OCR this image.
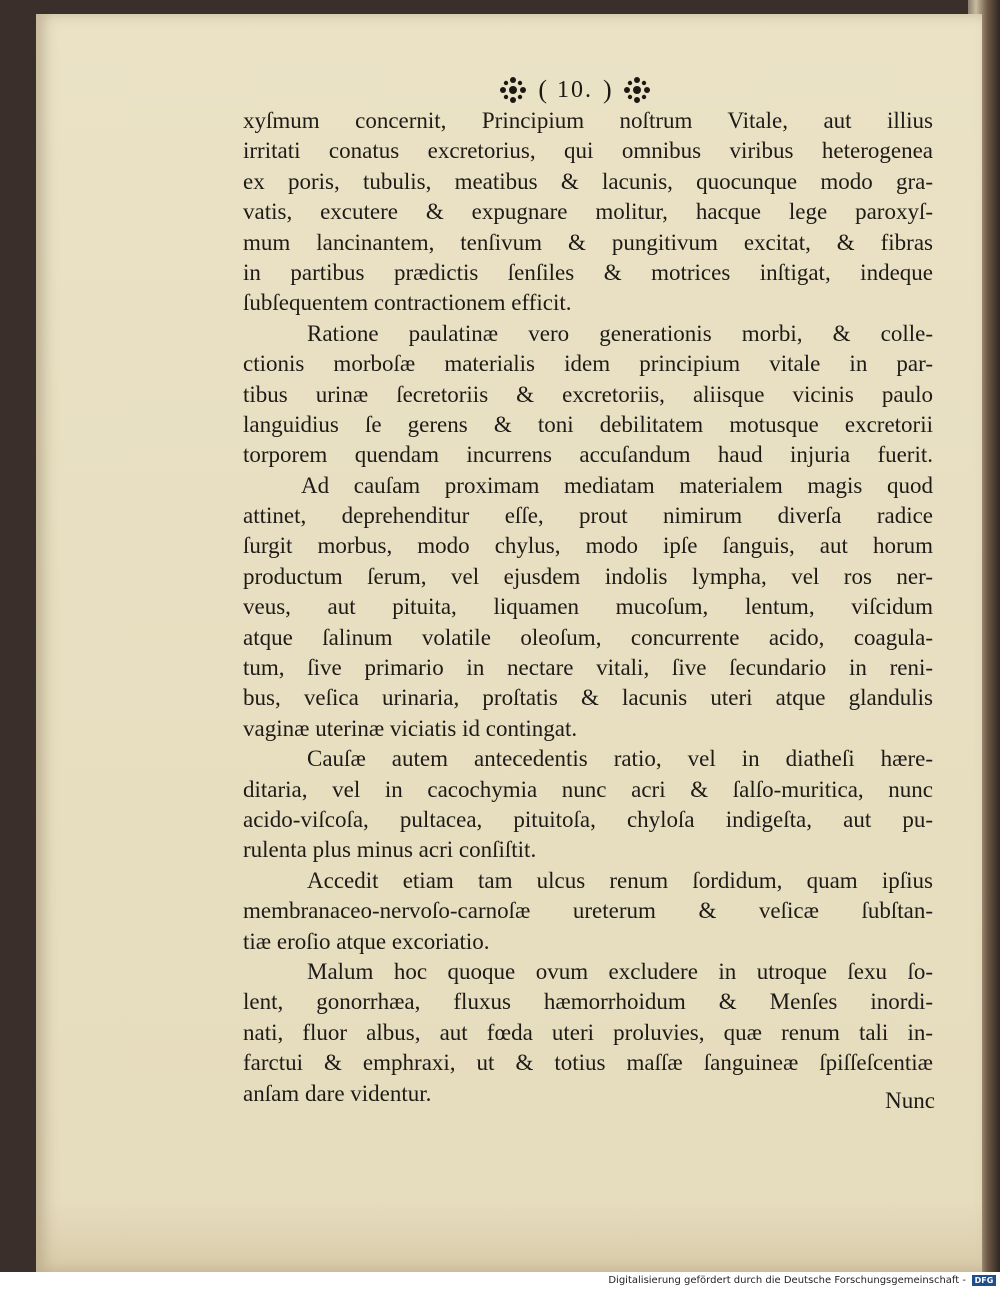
( 10. )
xyſmum concernit, Principium noſtrum Vitale, aut illius
irritati conatus excretorius, qui omnibus viribus heterogenea
ex poris, tubulis, meatibus & lacunis, quocunque modo gra-
vatis, excutere & expugnare molitur, hacque lege paroxyſ-
mum lancinantem, tenſivum & pungitivum excitat, & fibras
in partibus prædictis ſenſiles & motrices inſtigat, indeque
ſubſequentem contractionem efficit.
Ratione paulatinæ vero generationis morbi, & colle-
ctionis morboſæ materialis idem principium vitale in par-
tibus urinæ ſecretoriis & excretoriis, aliisque vicinis paulo
languidius ſe gerens & toni debilitatem motusque excretorii
torporem quendam incurrens accuſandum haud injuria fuerit.
Ad cauſam proximam mediatam materialem magis quod
attinet, deprehenditur eſſe, prout nimirum diverſa radice
ſurgit morbus, modo chylus, modo ipſe ſanguis, aut horum
productum ſerum, vel ejusdem indolis lympha, vel ros ner-
veus, aut pituita, liquamen mucoſum, lentum, viſcidum
atque ſalinum volatile oleoſum, concurrente acido, coagula-
tum, ſive primario in nectare vitali, ſive ſecundario in reni-
bus, veſica urinaria, proſtatis & lacunis uteri atque glandulis
vaginæ uterinæ viciatis id contingat.
Cauſæ autem antecedentis ratio, vel in diatheſi hære-
ditaria, vel in cacochymia nunc acri & ſalſo-muritica, nunc
acido-viſcoſa, pultacea, pituitoſa, chyloſa indigeſta, aut pu-
rulenta plus minus acri conſiſtit.
Accedit etiam tam ulcus renum ſordidum, quam ipſius
membranaceo-nervoſo-carnoſæ ureterum & veſicæ ſubſtan-
tiæ eroſio atque excoriatio.
Malum hoc quoque ovum excludere in utroque ſexu ſo-
lent, gonorrhæa, fluxus hæmorrhoidum & Menſes inordi-
nati, fluor albus, aut fœda uteri proluvies, quæ renum tali in-
farctui & emphraxi, ut & totius maſſæ ſanguineæ ſpiſſeſcentiæ
anſam dare videntur.	Nunc
Digitalisierung gefördert durch die Deutsche Forschungsgemeinschaft -	DFG
